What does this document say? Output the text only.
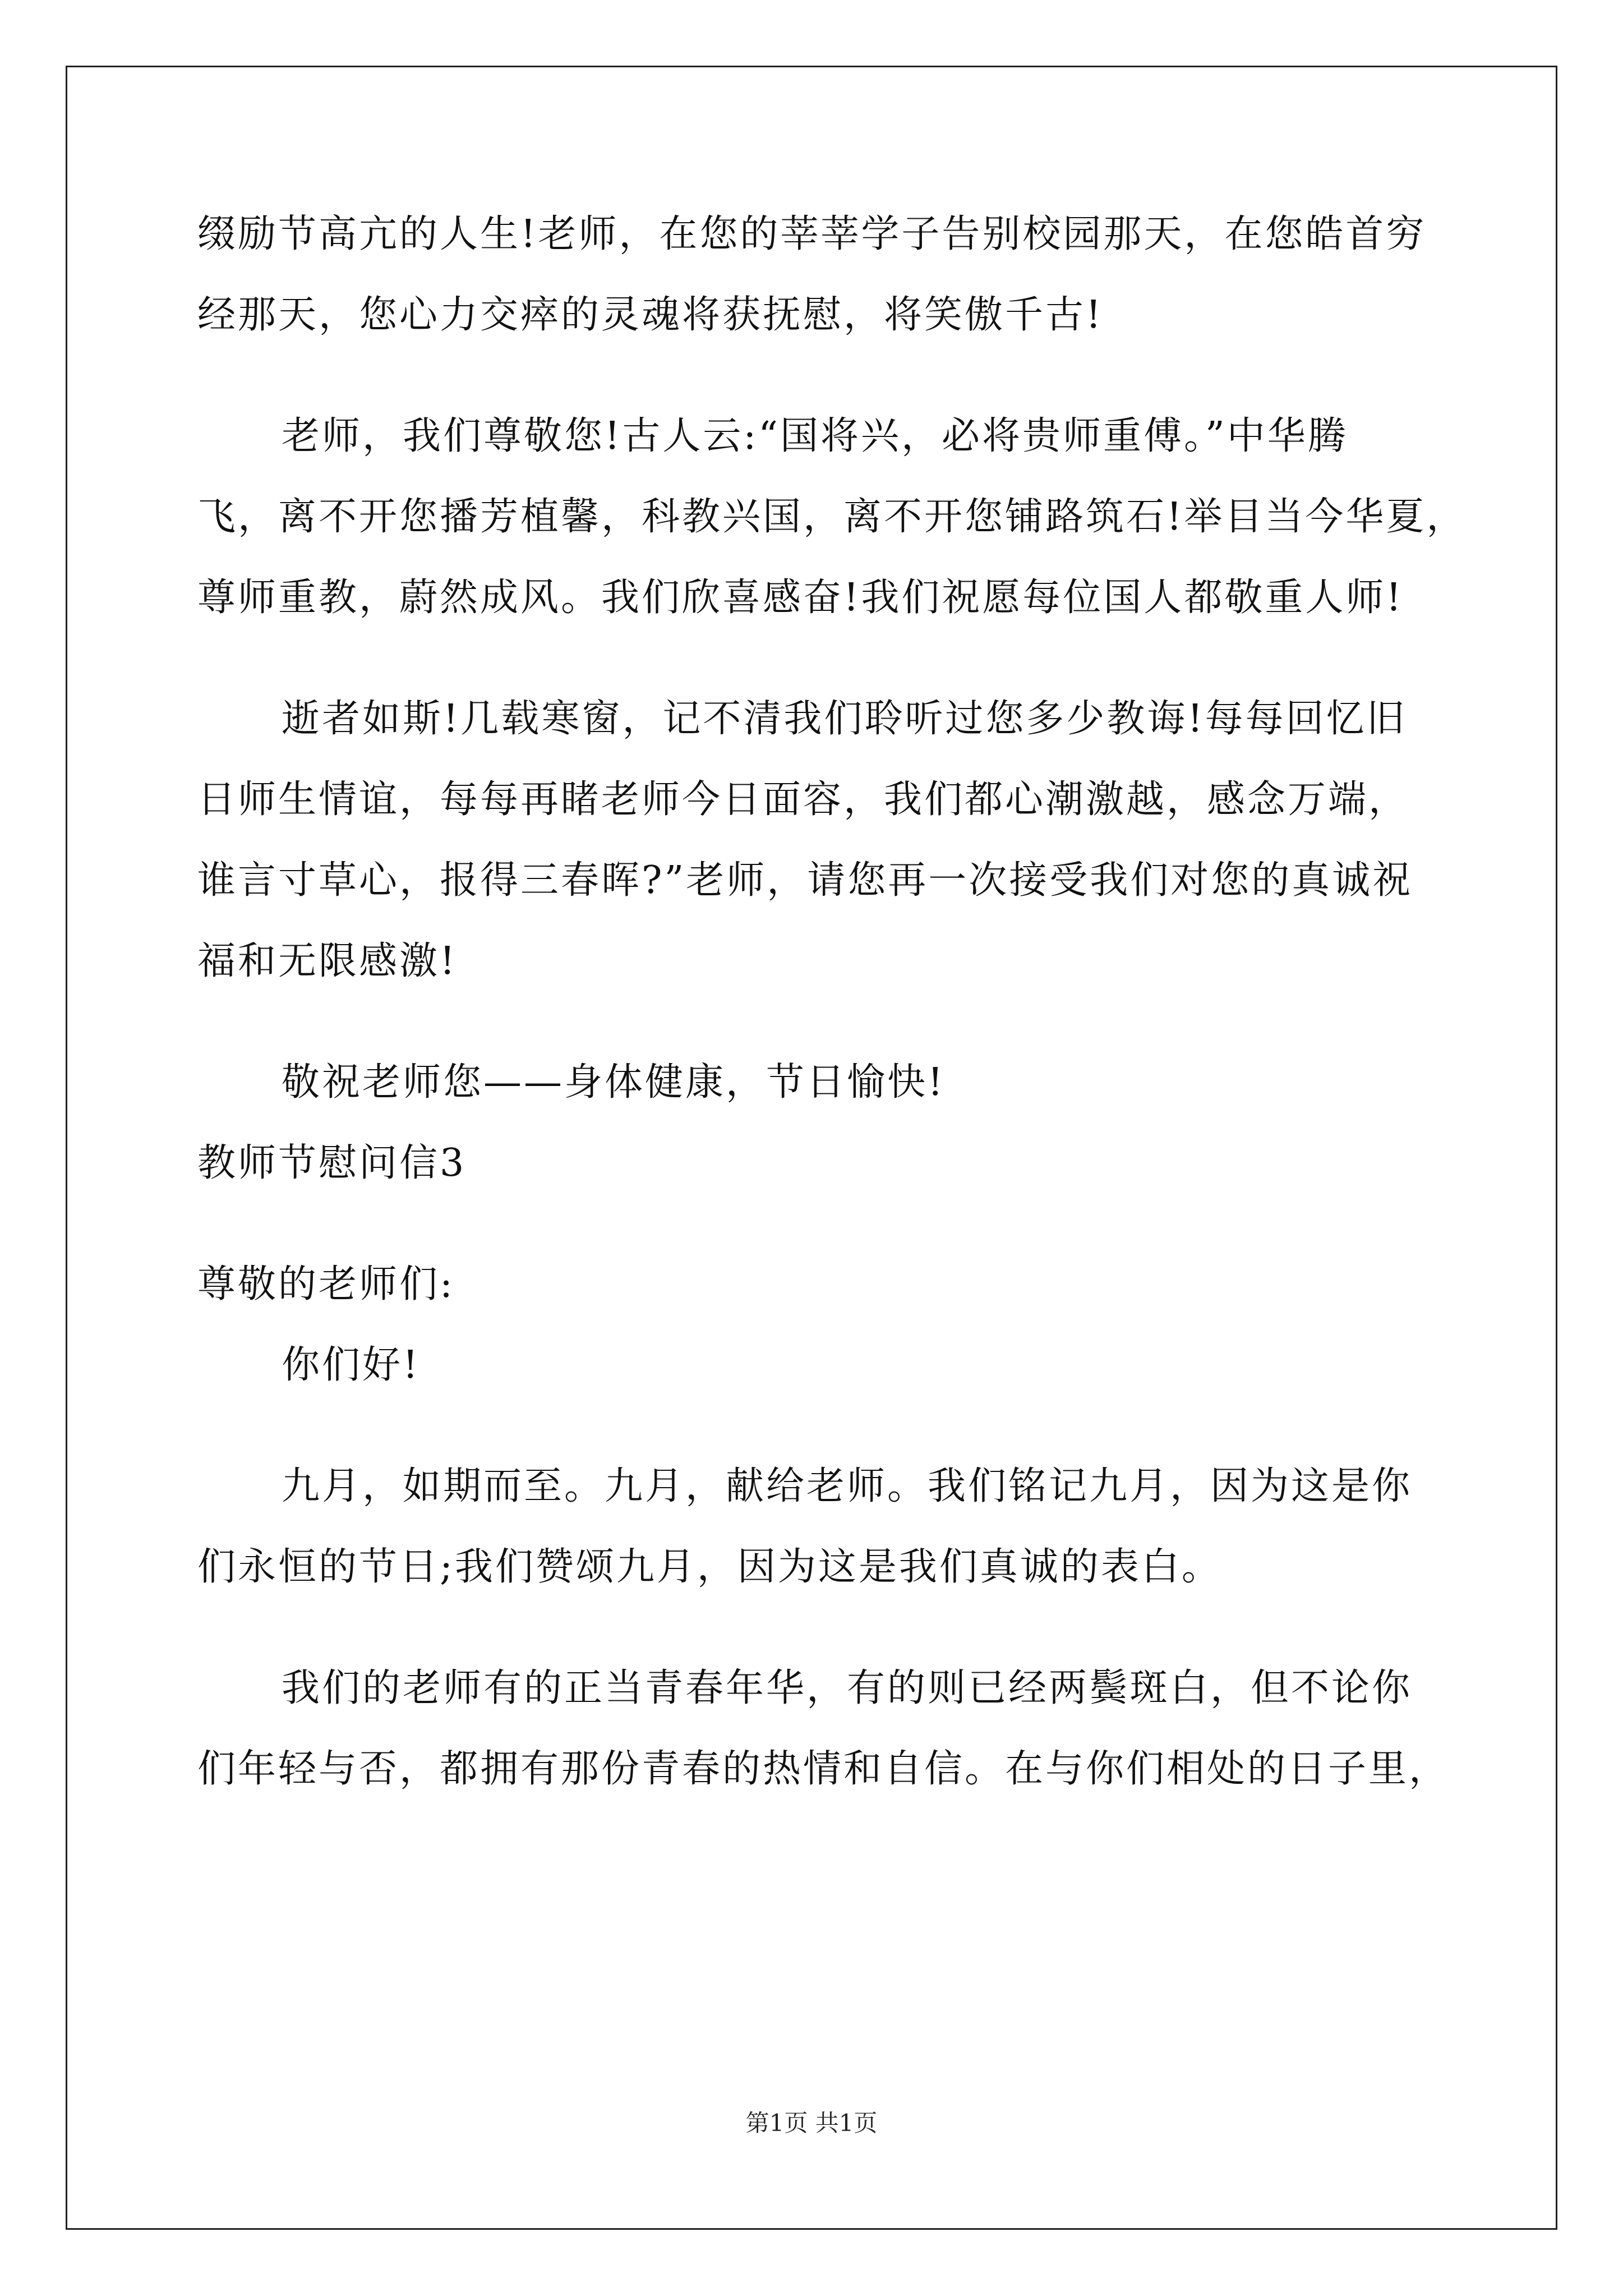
缀励节高亢的人生!老师，在您的莘莘学子告别校园那天，在您皓首穷
经那天，您心力交瘁的灵魂将获抚慰，将笑傲千古!
老师，我们尊敬您!古人云:“国将兴，必将贵师重傅。”中华腾
飞，离不开您播芳植馨，科教兴国，离不开您铺路筑石!举目当今华夏，
尊师重教，蔚然成风。我们欣喜感奋!我们祝愿每位国人都敬重人师!
逝者如斯!几载寒窗，记不清我们聆听过您多少教诲!每每回忆旧
日师生情谊，每每再睹老师今日面容，我们都心潮激越，感念万端，
谁言寸草心，报得三春晖?”老师，请您再一次接受我们对您的真诚祝
福和无限感激!
敬祝老师您——身体健康，节日愉快!
教师节慰问信3
尊敬的老师们:
你们好!
九月，如期而至。九月，献给老师。我们铭记九月，因为这是你
们永恒的节日;我们赞颂九月，因为这是我们真诚的表白。
我们的老师有的正当青春年华，有的则已经两鬓斑白，但不论你
们年轻与否，都拥有那份青春的热情和自信。在与你们相处的日子里，
第1页 共1页
